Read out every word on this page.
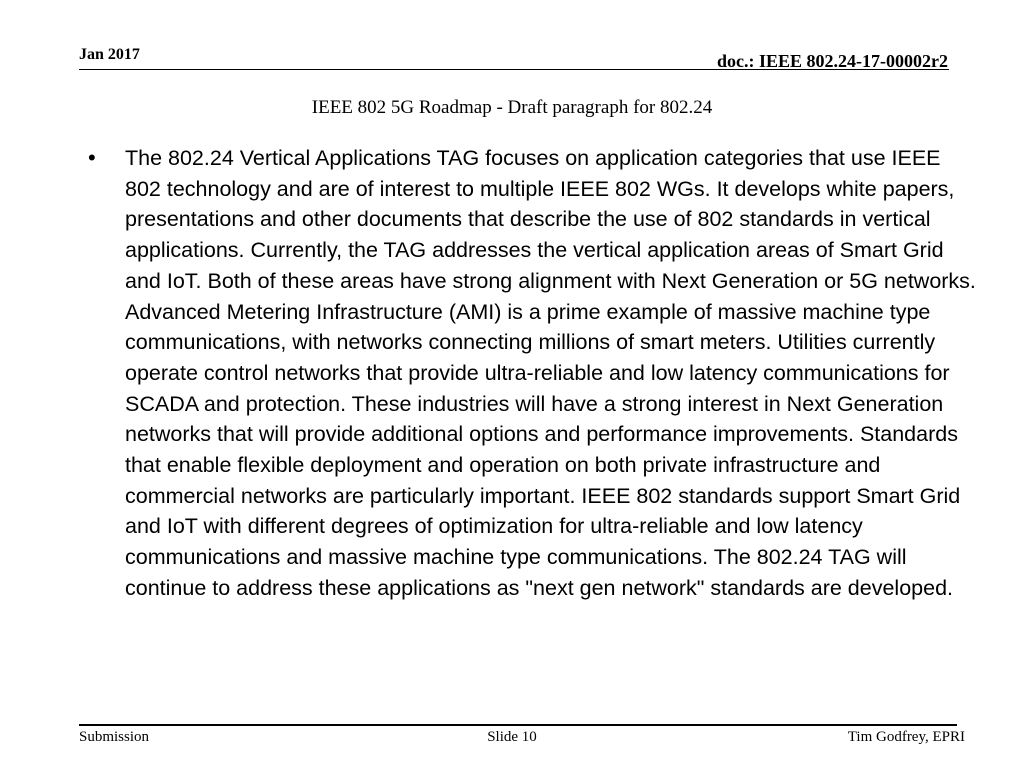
Jan 2017	doc.: IEEE 802.24-17-00002r2
IEEE 802 5G Roadmap - Draft paragraph for 802.24
• The 802.24 Vertical Applications TAG focuses on application categories that use IEEE 802 technology and are of interest to multiple IEEE 802 WGs. It develops white papers, presentations and other documents that describe the use of 802 standards in vertical applications. Currently, the TAG addresses the vertical application areas of Smart Grid and IoT. Both of these areas have strong alignment with Next Generation or 5G networks. Advanced Metering Infrastructure (AMI) is a prime example of massive machine type communications, with networks connecting millions of smart meters. Utilities currently operate control networks that provide ultra-reliable and low latency communications for SCADA and protection. These industries will have a strong interest in Next Generation networks that will provide additional options and performance improvements. Standards that enable flexible deployment and operation on both private infrastructure and commercial networks are particularly important. IEEE 802 standards support Smart Grid and IoT with different degrees of optimization for ultra-reliable and low latency communications and massive machine type communications. The 802.24 TAG will continue to address these applications as "next gen network" standards are developed.
Submission	Slide 10	Tim Godfrey, EPRI
